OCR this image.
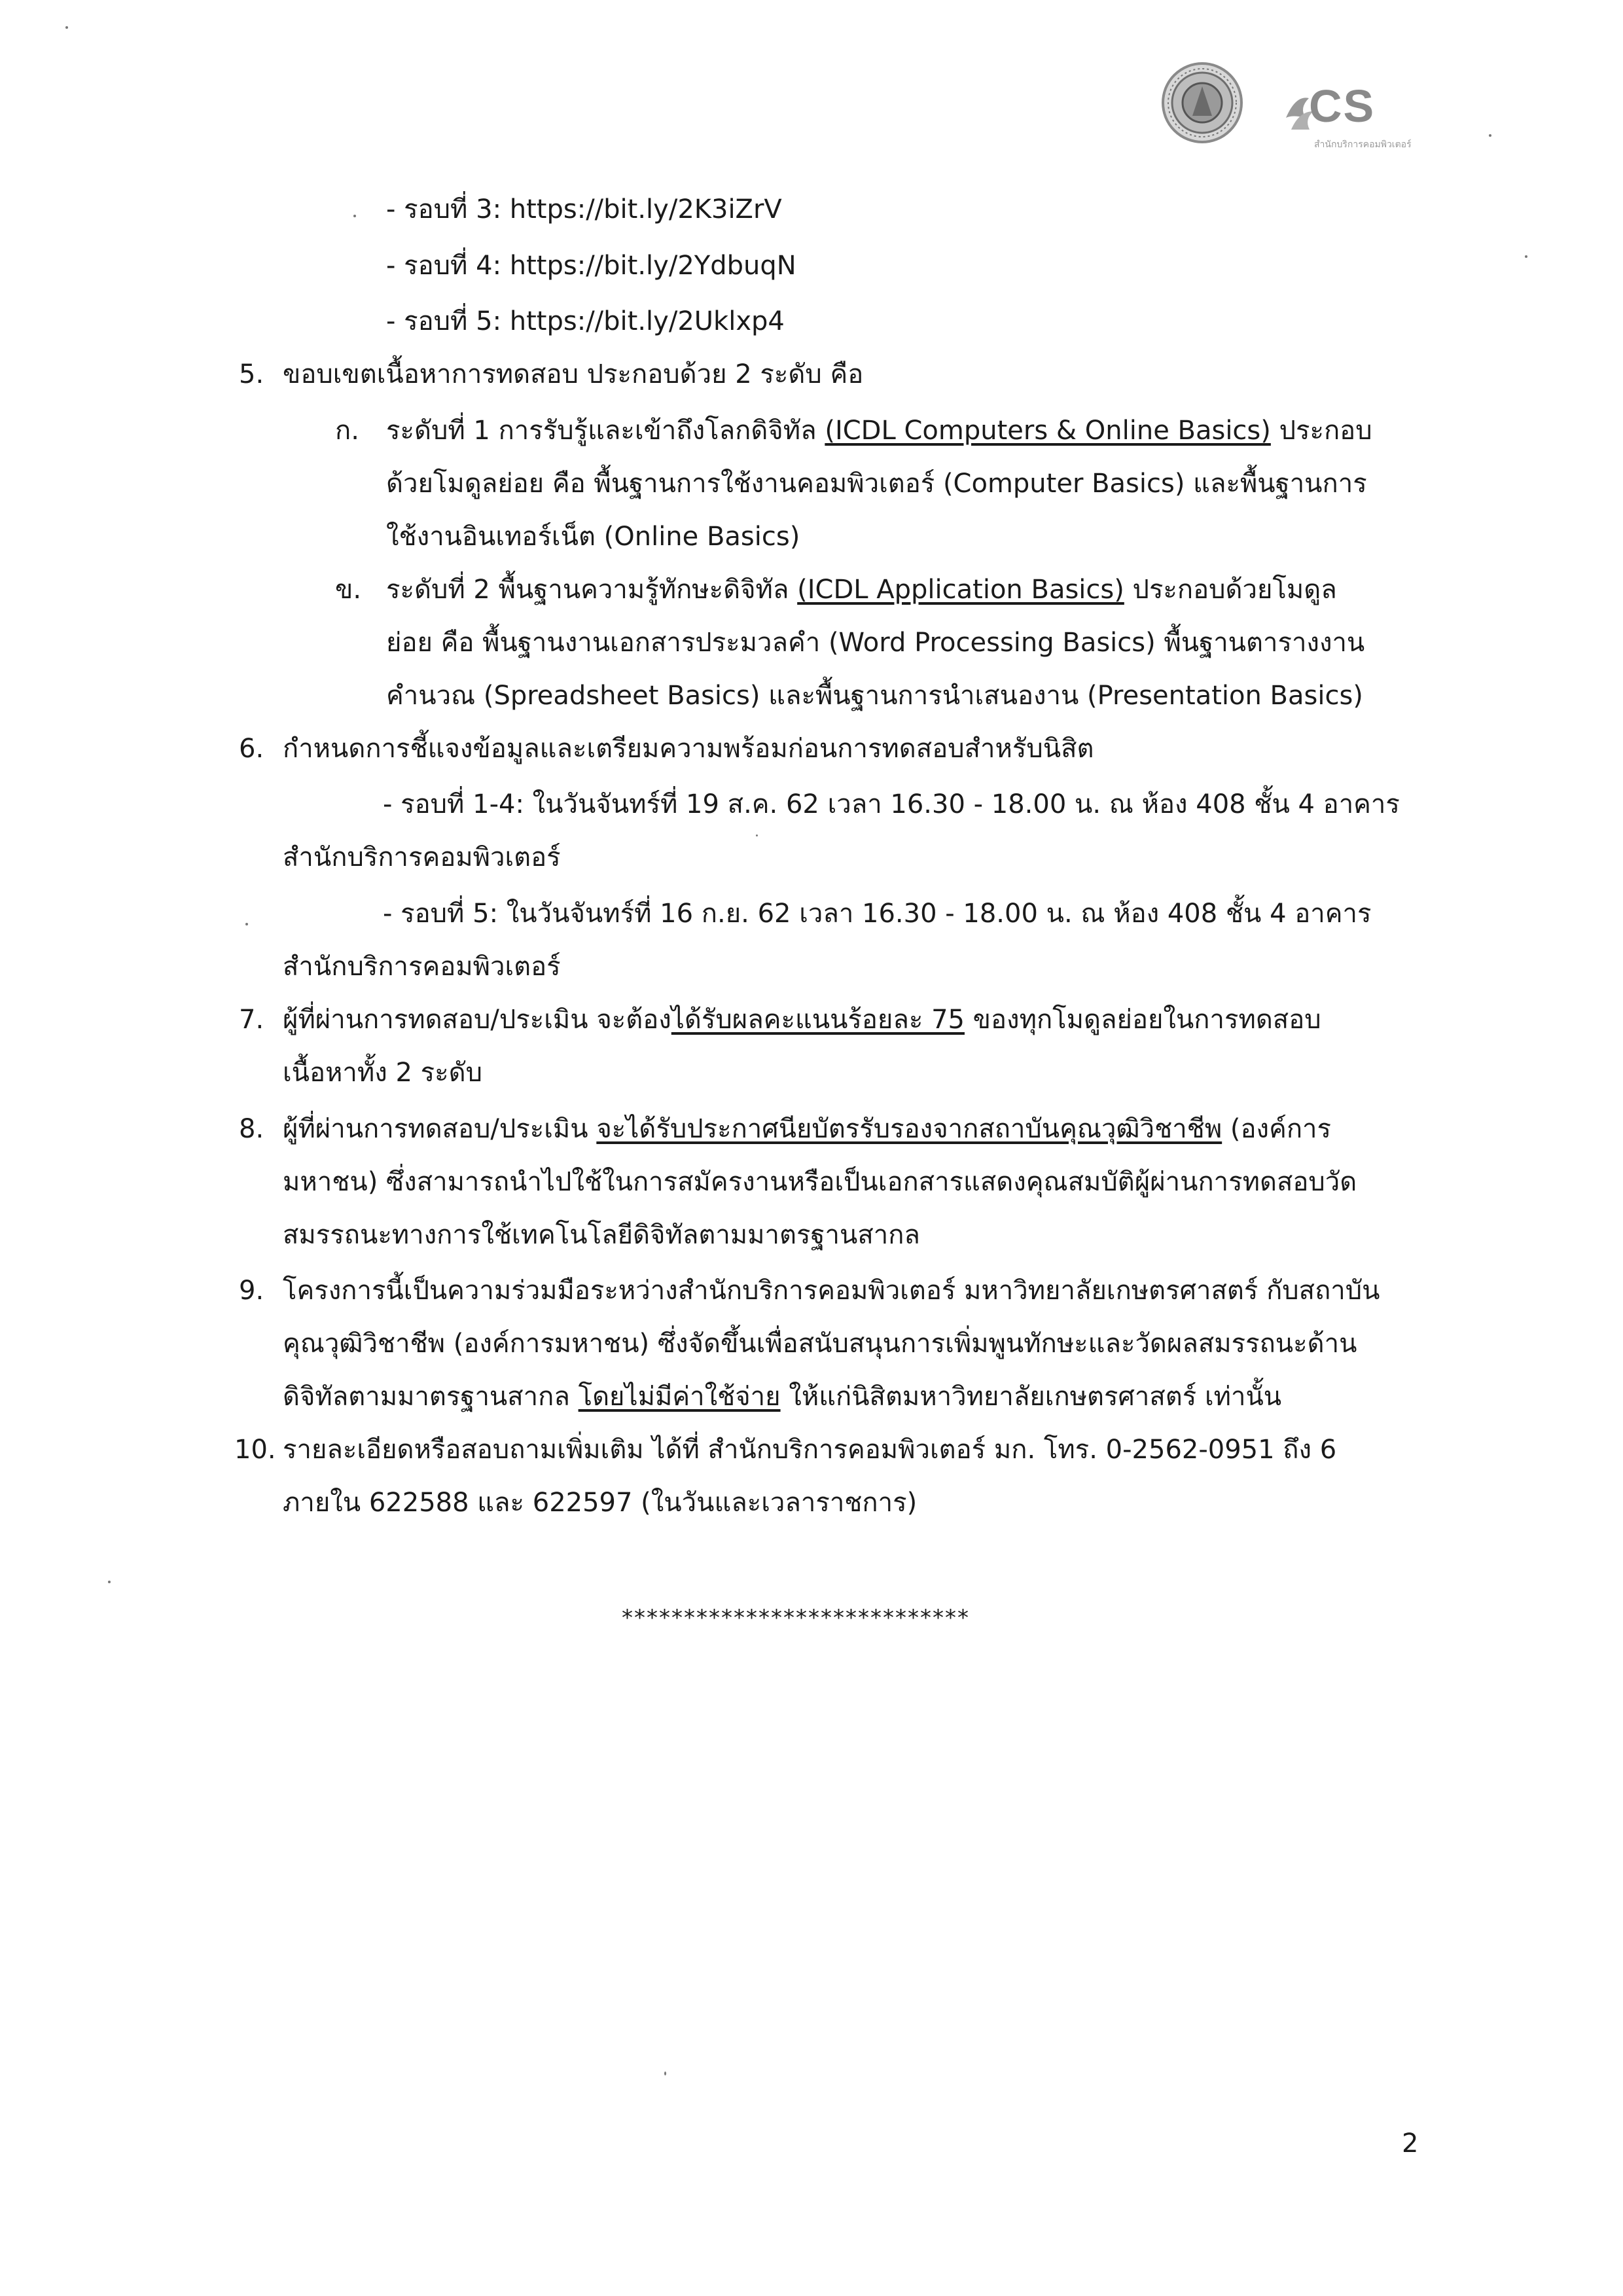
CS
สำนักบริการคอมพิวเตอร์
- รอบที่ 3: https://bit.ly/2K3iZrV
- รอบที่ 4: https://bit.ly/2YdbuqN
- รอบที่ 5: https://bit.ly/2Uklxp4
5. ขอบเขตเนื้อหาการทดสอบ ประกอบด้วย 2 ระดับ คือ
ก. ระดับที่ 1 การรับรู้และเข้าถึงโลกดิจิทัล (ICDL Computers & Online Basics) ประกอบ
ด้วยโมดูลย่อย คือ พื้นฐานการใช้งานคอมพิวเตอร์ (Computer Basics) และพื้นฐานการ
ใช้งานอินเทอร์เน็ต (Online Basics)
ข. ระดับที่ 2 พื้นฐานความรู้ทักษะดิจิทัล (ICDL Application Basics) ประกอบด้วยโมดูล
ย่อย คือ พื้นฐานงานเอกสารประมวลคำ (Word Processing Basics) พื้นฐานตารางงาน
คำนวณ (Spreadsheet Basics) และพื้นฐานการนำเสนองาน (Presentation Basics)
6. กำหนดการชี้แจงข้อมูลและเตรียมความพร้อมก่อนการทดสอบสำหรับนิสิต
- รอบที่ 1-4: ในวันจันทร์ที่ 19 ส.ค. 62 เวลา 16.30 - 18.00 น. ณ ห้อง 408 ชั้น 4 อาคาร
สำนักบริการคอมพิวเตอร์
- รอบที่ 5: ในวันจันทร์ที่ 16 ก.ย. 62 เวลา 16.30 - 18.00 น. ณ ห้อง 408 ชั้น 4 อาคาร
สำนักบริการคอมพิวเตอร์
7. ผู้ที่ผ่านการทดสอบ/ประเมิน จะต้องได้รับผลคะแนนร้อยละ 75 ของทุกโมดูลย่อยในการทดสอบ
เนื้อหาทั้ง 2 ระดับ
8. ผู้ที่ผ่านการทดสอบ/ประเมิน จะได้รับประกาศนียบัตรรับรองจากสถาบันคุณวุฒิวิชาชีพ (องค์การ
มหาชน) ซึ่งสามารถนำไปใช้ในการสมัครงานหรือเป็นเอกสารแสดงคุณสมบัติผู้ผ่านการทดสอบวัด
สมรรถนะทางการใช้เทคโนโลยีดิจิทัลตามมาตรฐานสากล
9. โครงการนี้เป็นความร่วมมือระหว่างสำนักบริการคอมพิวเตอร์ มหาวิทยาลัยเกษตรศาสตร์ กับสถาบัน
คุณวุฒิวิชาชีพ (องค์การมหาชน) ซึ่งจัดขึ้นเพื่อสนับสนุนการเพิ่มพูนทักษะและวัดผลสมรรถนะด้าน
ดิจิทัลตามมาตรฐานสากล โดยไม่มีค่าใช้จ่าย ให้แก่นิสิตมหาวิทยาลัยเกษตรศาสตร์ เท่านั้น
10. รายละเอียดหรือสอบถามเพิ่มเติม ได้ที่ สำนักบริการคอมพิวเตอร์ มก. โทร. 0-2562-0951 ถึง 6
ภายใน 622588 และ 622597 (ในวันและเวลาราชการ)
****************************
2
